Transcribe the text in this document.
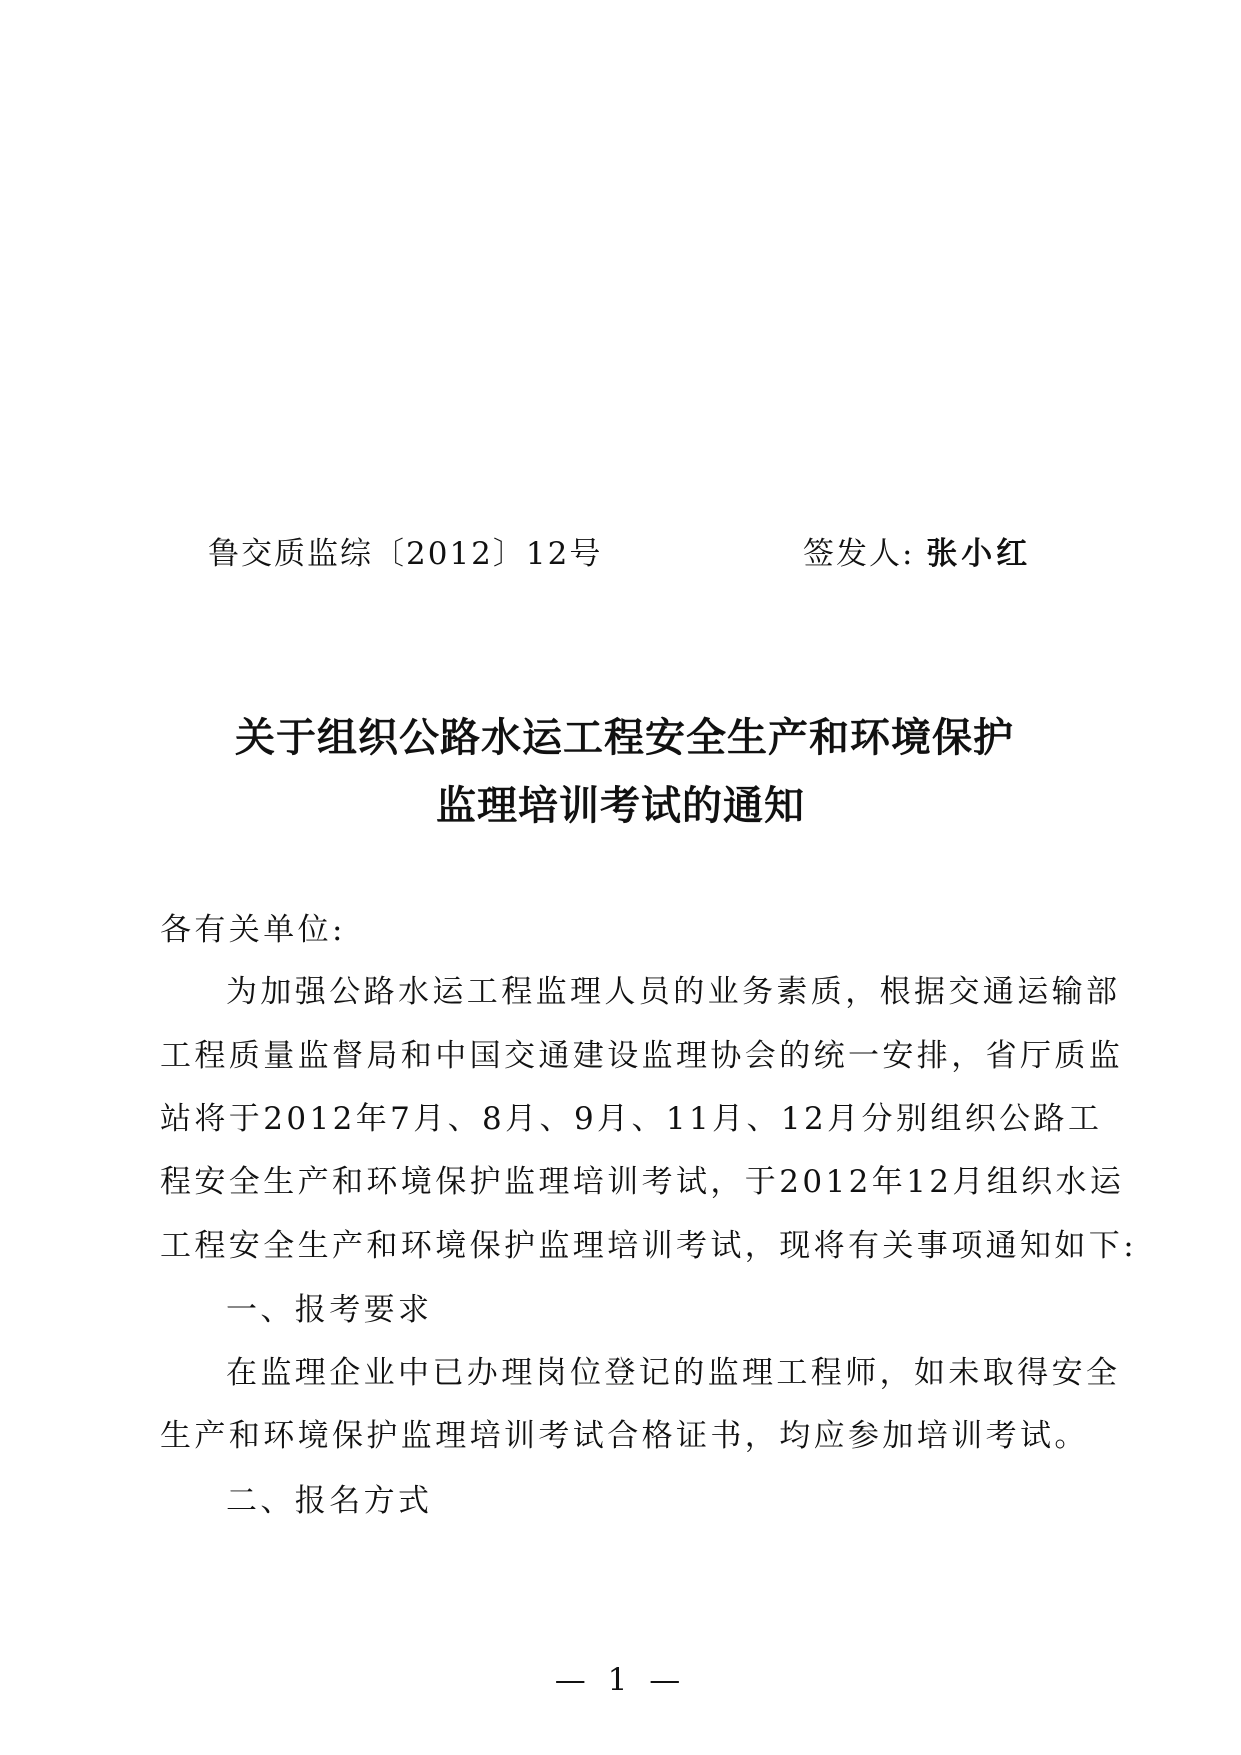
鲁交质监综〔2012〕12号	签发人: 张小红
关于组织公路水运工程安全生产和环境保护
监理培训考试的通知
各有关单位:
为加强公路水运工程监理人员的业务素质，根据交通运输部
工程质量监督局和中国交通建设监理协会的统一安排，省厅质监
站将于2012年7月、8月、9月、11月、12月分别组织公路工
程安全生产和环境保护监理培训考试，于2012年12月组织水运
工程安全生产和环境保护监理培训考试，现将有关事项通知如下:
一、报考要求
在监理企业中已办理岗位登记的监理工程师，如未取得安全
生产和环境保护监理培训考试合格证书，均应参加培训考试。
二、报名方式
— 1 —
